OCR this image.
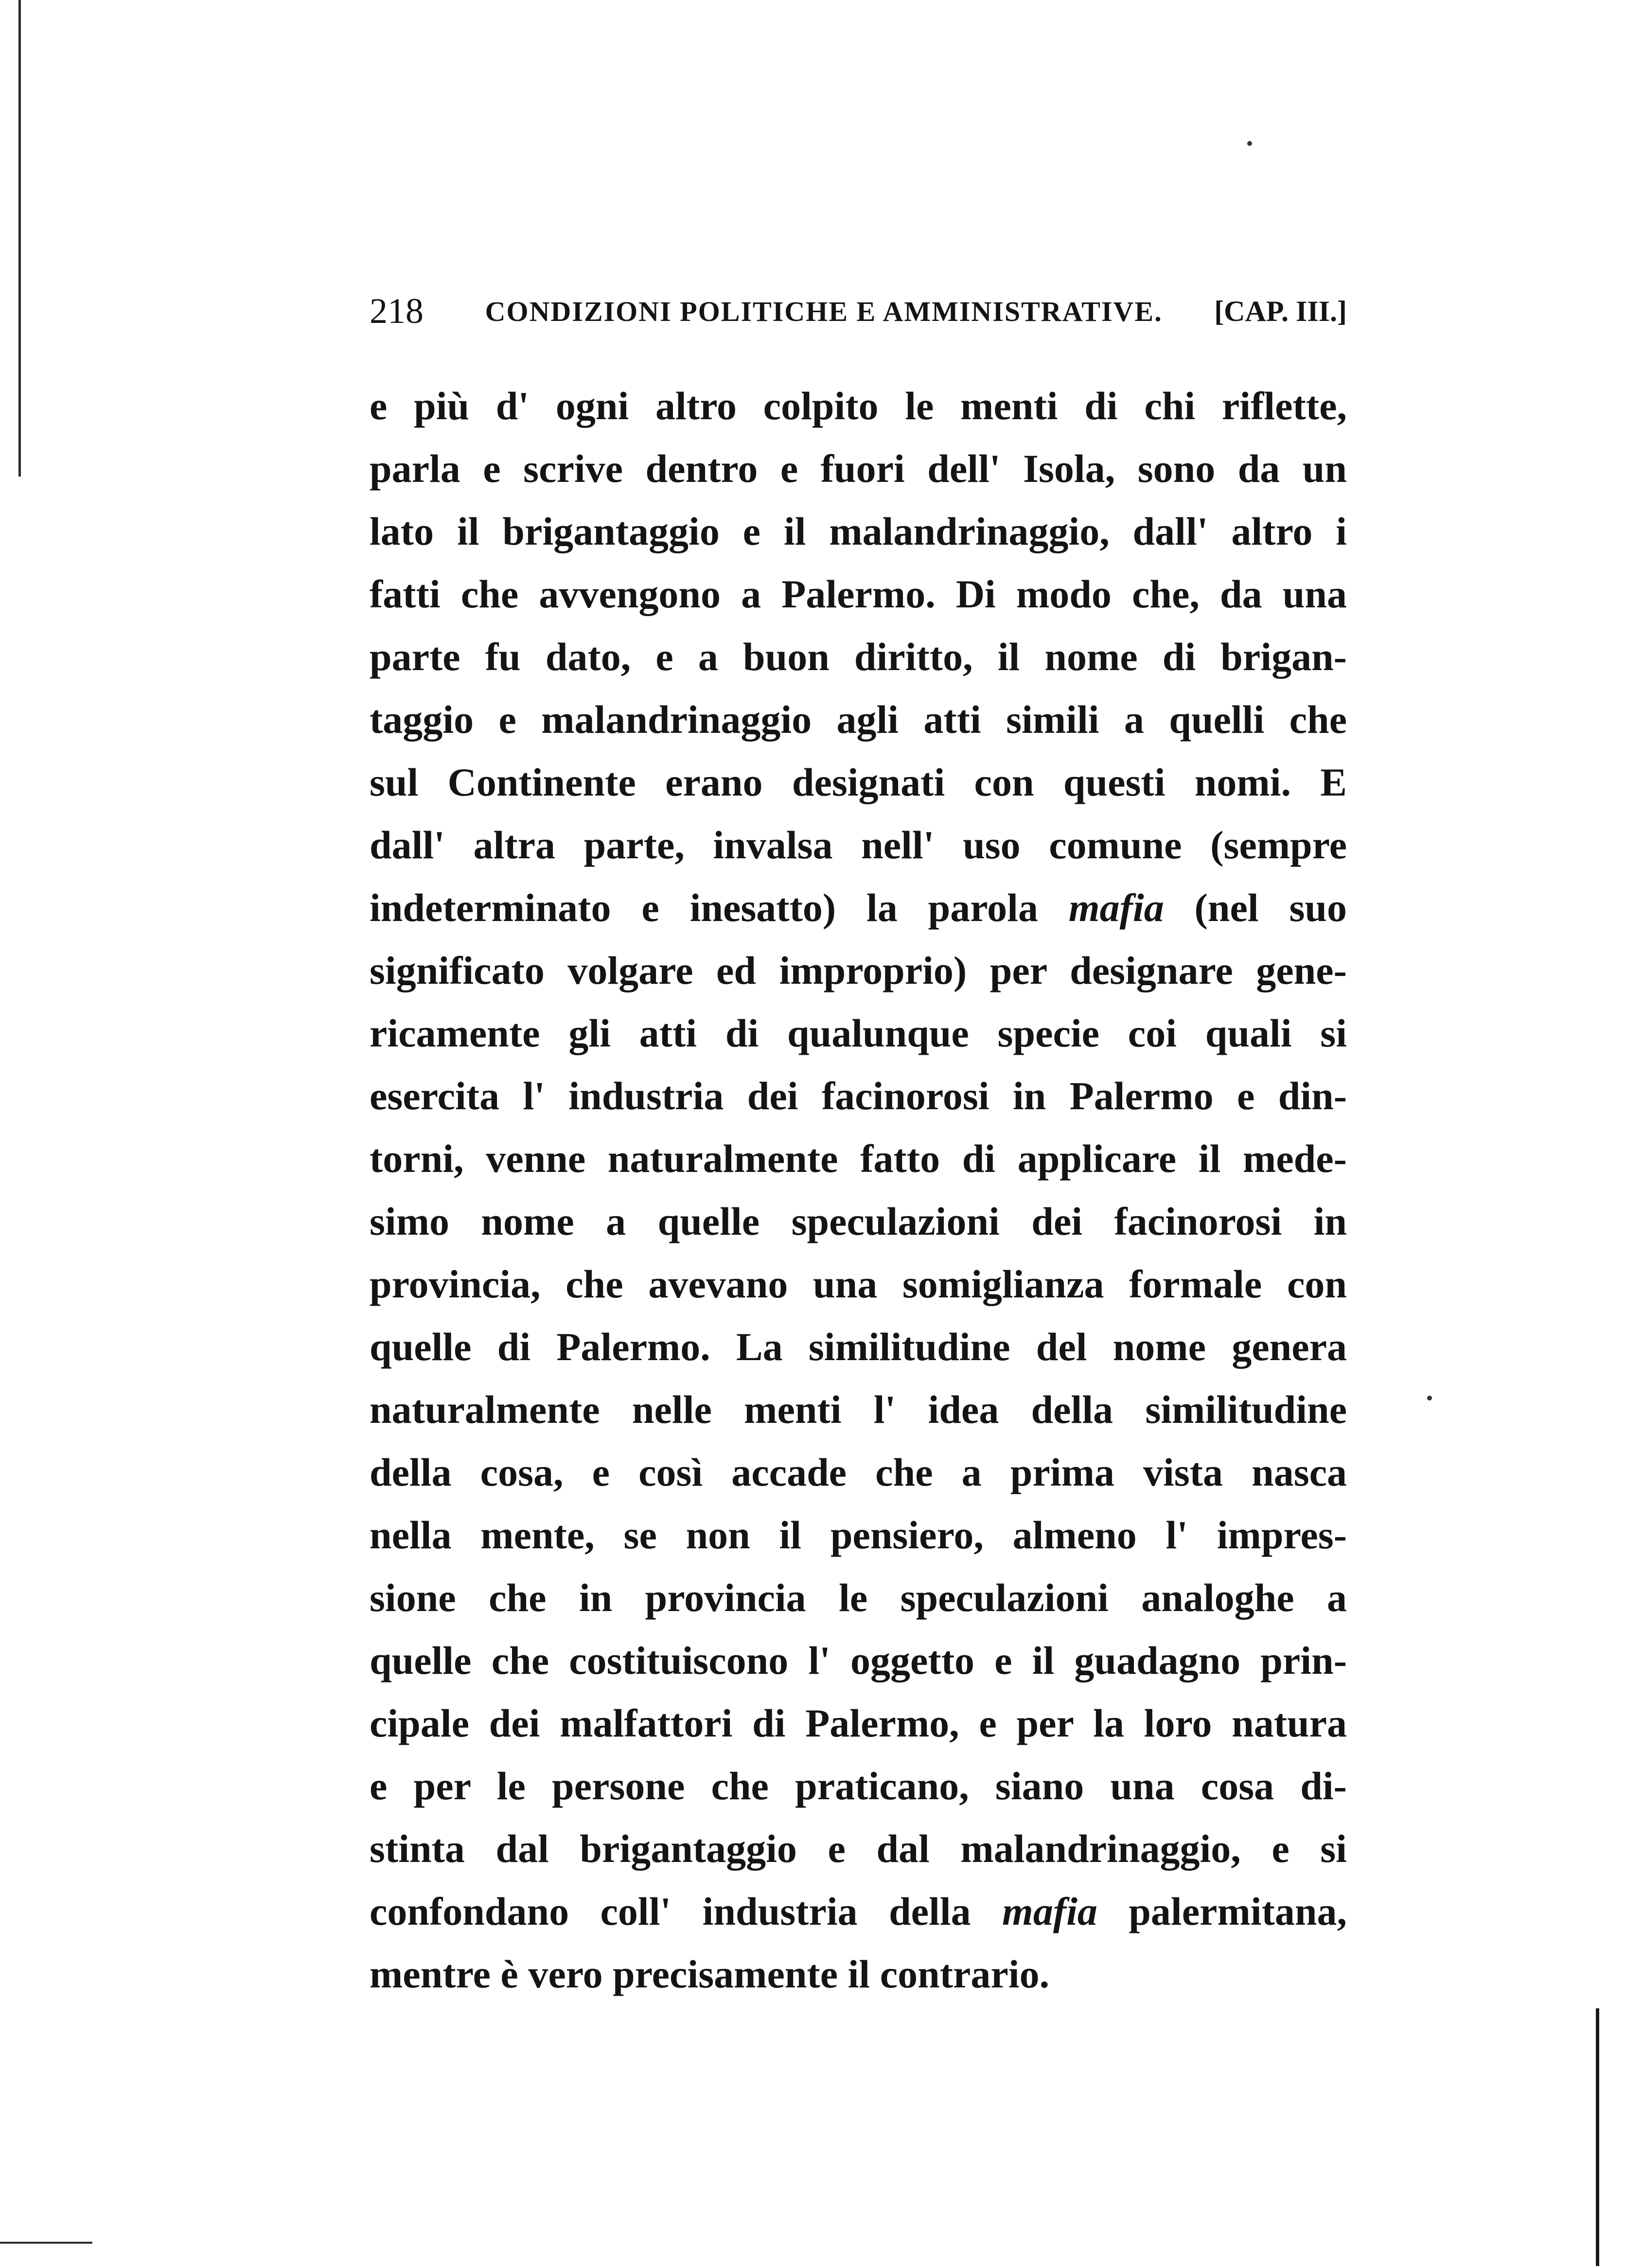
218	CONDIZIONI POLITICHE E AMMINISTRATIVE.	[CAP. III.]
e più d' ogni altro colpito le menti di chi riflette,
parla e scrive dentro e fuori dell' Isola, sono da un
lato il brigantaggio e il malandrinaggio, dall' altro i
fatti che avvengono a Palermo. Di modo che, da una
parte fu dato, e a buon diritto, il nome di brigan-
taggio e malandrinaggio agli atti simili a quelli che
sul Continente erano designati con questi nomi. E
dall' altra parte, invalsa nell' uso comune (sempre
indeterminato e inesatto) la parola mafia (nel suo
significato volgare ed improprio) per designare gene-
ricamente gli atti di qualunque specie coi quali si
esercita l' industria dei facinorosi in Palermo e din-
torni, venne naturalmente fatto di applicare il mede-
simo nome a quelle speculazioni dei facinorosi in
provincia, che avevano una somiglianza formale con
quelle di Palermo. La similitudine del nome genera
naturalmente nelle menti l' idea della similitudine
della cosa, e così accade che a prima vista nasca
nella mente, se non il pensiero, almeno l' impres-
sione che in provincia le speculazioni analoghe a
quelle che costituiscono l' oggetto e il guadagno prin-
cipale dei malfattori di Palermo, e per la loro natura
e per le persone che praticano, siano una cosa di-
stinta dal brigantaggio e dal malandrinaggio, e si
confondano coll' industria della mafia palermitana,
mentre è vero precisamente il contrario.
